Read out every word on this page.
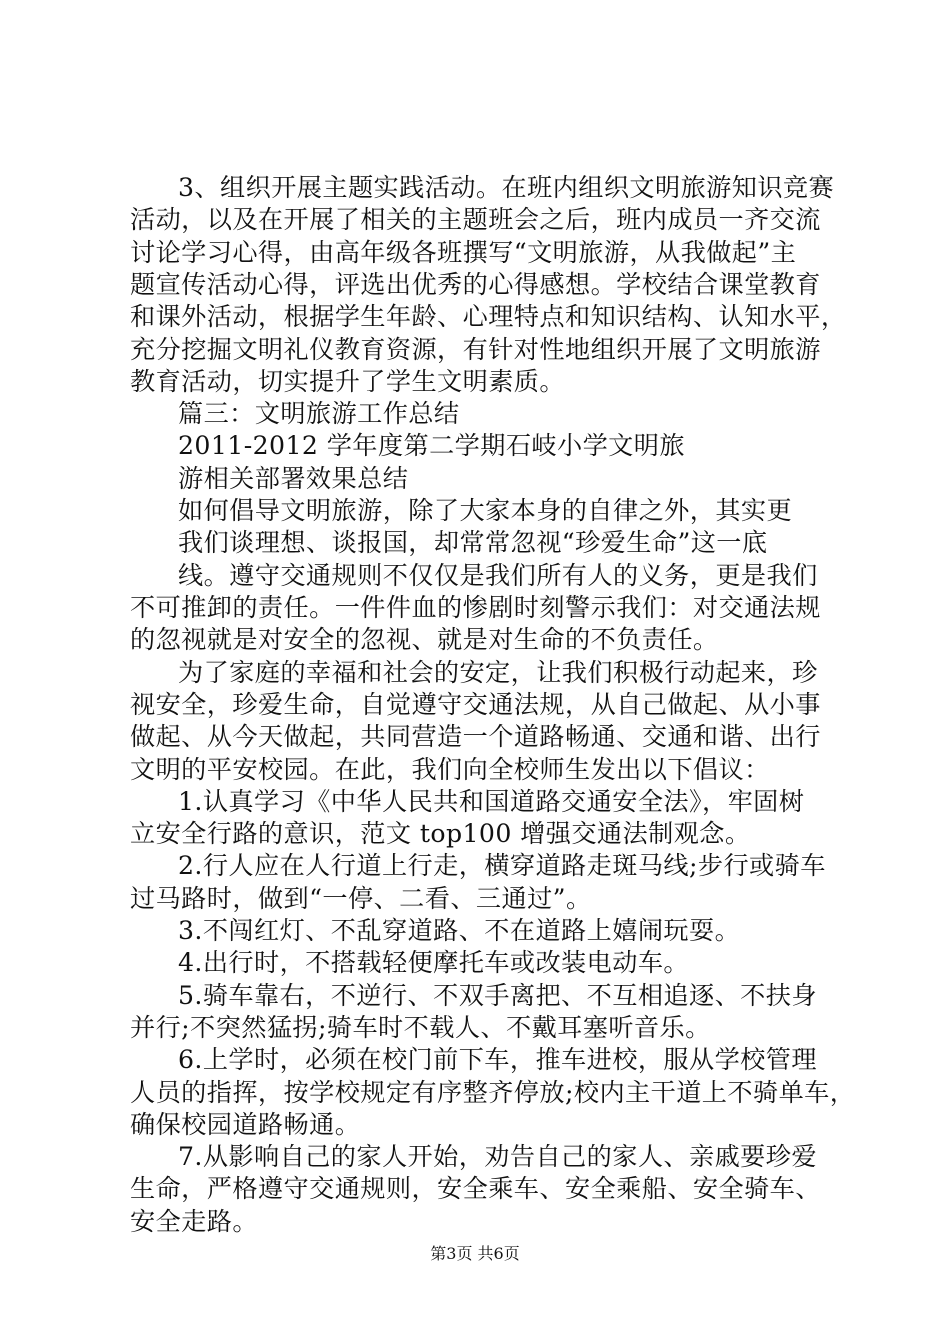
3、组织开展主题实践活动。在班内组织文明旅游知识竞赛
活动，以及在开展了相关的主题班会之后，班内成员一齐交流
讨论学习心得，由高年级各班撰写“文明旅游，从我做起”主
题宣传活动心得，评选出优秀的心得感想。学校结合课堂教育
和课外活动，根据学生年龄、心理特点和知识结构、认知水平，
充分挖掘文明礼仪教育资源，有针对性地组织开展了文明旅游
教育活动，切实提升了学生文明素质。
篇三：文明旅游工作总结
2011-2012 学年度第二学期石岐小学文明旅
游相关部署效果总结
如何倡导文明旅游，除了大家本身的自律之外，其实更
我们谈理想、谈报国，却常常忽视“珍爱生命”这一底
线。遵守交通规则不仅仅是我们所有人的义务，更是我们
不可推卸的责任。一件件血的惨剧时刻警示我们：对交通法规
的忽视就是对安全的忽视、就是对生命的不负责任。
为了家庭的幸福和社会的安定，让我们积极行动起来，珍
视安全，珍爱生命，自觉遵守交通法规，从自己做起、从小事
做起、从今天做起，共同营造一个道路畅通、交通和谐、出行
文明的平安校园。在此，我们向全校师生发出以下倡议：
1.认真学习《中华人民共和国道路交通安全法》，牢固树
立安全行路的意识，范文 top100 增强交通法制观念。
2.行人应在人行道上行走，横穿道路走斑马线;步行或骑车
过马路时，做到“一停、二看、三通过”。
3.不闯红灯、不乱穿道路、不在道路上嬉闹玩耍。
4.出行时，不搭载轻便摩托车或改装电动车。
5.骑车靠右，不逆行、不双手离把、不互相追逐、不扶身
并行;不突然猛拐;骑车时不载人、不戴耳塞听音乐。
6.上学时，必须在校门前下车，推车进校，服从学校管理
人员的指挥，按学校规定有序整齐停放;校内主干道上不骑单车，
确保校园道路畅通。
7.从影响自己的家人开始，劝告自己的家人、亲戚要珍爱
生命，严格遵守交通规则，安全乘车、安全乘船、安全骑车、
安全走路。
第3页 共6页
